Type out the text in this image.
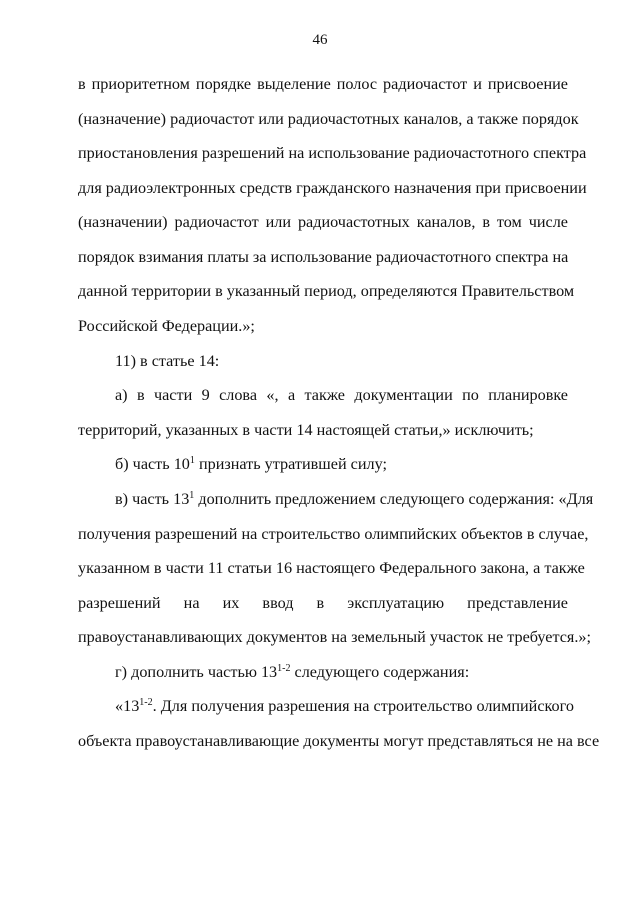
46
в приоритетном порядке выделение полос радиочастот и присвоение
(назначение) радиочастот или радиочастотных каналов, а также порядок
приостановления разрешений на использование радиочастотного спектра
для радиоэлектронных средств гражданского назначения при присвоении
(назначении) радиочастот или радиочастотных каналов, в том числе
порядок взимания платы за использование радиочастотного спектра на
данной территории в указанный период, определяются Правительством
Российской Федерации.»;
11) в статье 14:
а) в части 9 слова «, а также документации по планировке
территорий, указанных в части 14 настоящей статьи,» исключить;
б) часть $10^1$ признать утратившей силу;
в) часть $13^1$ дополнить предложением следующего содержания: «Для
получения разрешений на строительство олимпийских объектов в случае,
указанном в части 11 статьи 16 настоящего Федерального закона, а также
разрешений на их ввод в эксплуатацию представление
правоустанавливающих документов на земельный участок не требуется.»;
г) дополнить частью 13$^{1-2}$ следующего содержания:
«13$^{1-2}$. Для получения разрешения на строительство олимпийского
объекта правоустанавливающие документы могут представляться не на все
